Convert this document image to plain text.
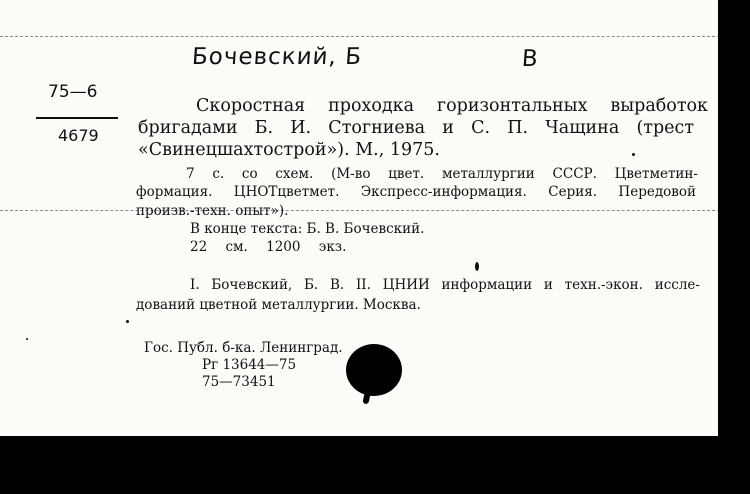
Бочевский, Б	В
75—6
4679
Скоростная проходка горизонтальных выработок
бригадами Б. И. Стогниева и С. П. Чащина (трест
«Свинецшахтострой»). М., 1975.
7 с. со схем. (М-во цвет. металлургии СССР. Цветметин-
формация. ЦНОТцветмет. Экспресс-информация. Серия. Передовой
произв.-техн. опыт»).
В конце текста: Б. В. Бочевский.
22 см. 1200 экз.
I. Бочевский, Б. В. II. ЦНИИ информации и техн.-экон. иссле-
дований цветной металлургии. Москва.
Гос. Публ. б-ка. Ленинград.
Рг 13644—75
75—73451
